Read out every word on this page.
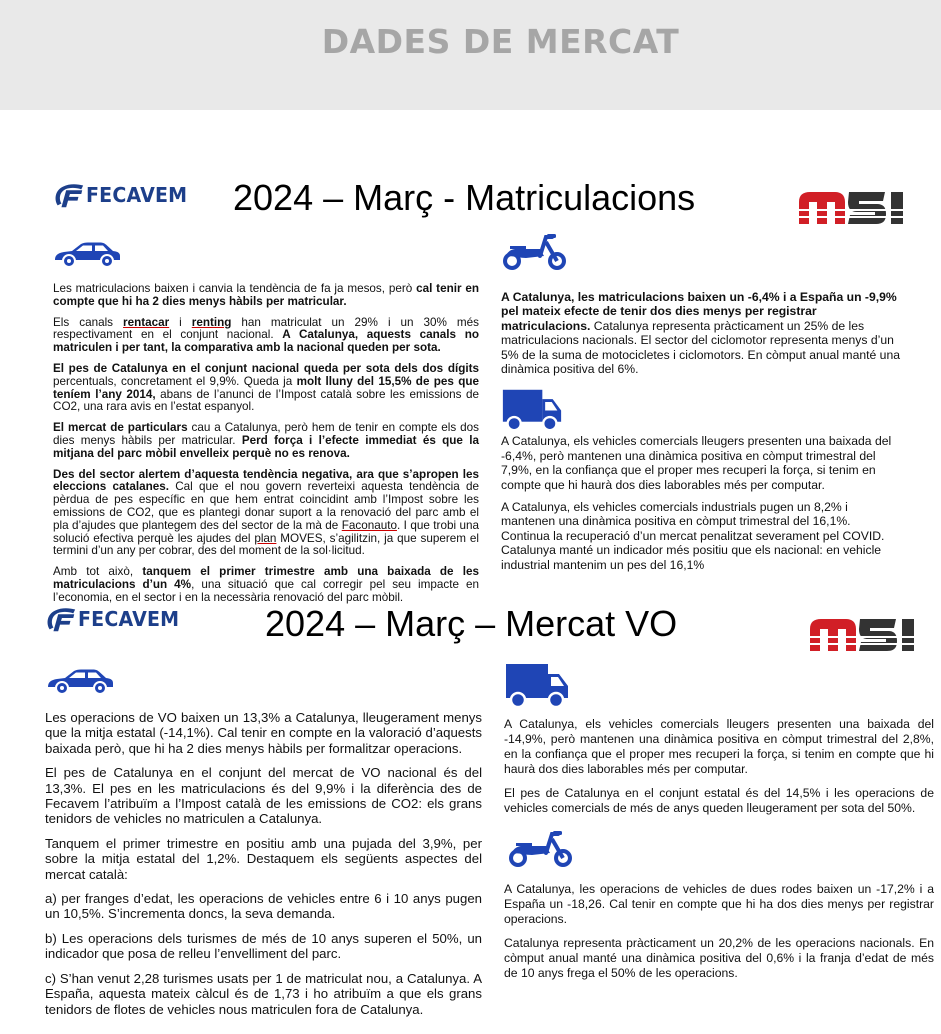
DADES DE MERCAT
FECAVEM 2024 – Març - Matriculacions

Les matriculacions baixen i canvia la tendència de fa ja mesos, però cal tenir en compte que hi ha 2 dies menys hàbils per matricular.

Els canals rentacar i renting han matriculat un 29% i un 30% més respectivament en el conjunt nacional. A Catalunya, aquests canals no matriculen i per tant, la comparativa amb la nacional queden per sota.

El pes de Catalunya en el conjunt nacional queda per sota dels dos dígits percentuals, concretament el 9,9%. Queda ja molt lluny del 15,5% de pes que teníem l’any 2014, abans de l’anunci de l’Impost català sobre les emissions de CO2, una rara avis en l’estat espanyol.

El mercat de particulars cau a Catalunya, però hem de tenir en compte els dos dies menys hàbils per matricular. Perd força i l’efecte immediat és que la mitjana del parc mòbil envelleix perquè no es renova.

Des del sector alertem d’aquesta tendència negativa, ara que s’apropen les eleccions catalanes. Cal que el nou govern reverteixi aquesta tendència de pèrdua de pes específic en que hem entrat coincidint amb l’Impost sobre les emissions de CO2, que es plantegi donar suport a la renovació del parc amb el pla d’ajudes que plantegem des del sector de la mà de Faconauto. I que trobi una solució efectiva perquè les ajudes del plan MOVES, s’agilitzin, ja que superem el termini d’un any per cobrar, des del moment de la sol·licitud.

Amb tot això, tanquem el primer trimestre amb una baixada de les matriculacions d’un 4%, una situació que cal corregir pel seu impacte en l’economia, en el sector i en la necessària renovació del parc mòbil.

A Catalunya, les matriculacions baixen un -6,4% i a España un -9,9% pel mateix efecte de tenir dos dies menys per registrar matriculacions. Catalunya representa pràcticament un 25% de les matriculacions nacionals. El sector del ciclomotor representa menys d’un 5% de la suma de motocicletes i ciclomotors. En còmput anual manté una dinàmica positiva del 6%.

A Catalunya, els vehicles comercials lleugers presenten una baixada del -6,4%, però mantenen una dinàmica positiva en còmput trimestral del 7,9%, en la confiança que el proper mes recuperi la força, si tenim en compte que hi haurà dos dies laborables més per computar.

A Catalunya, els vehicles comercials industrials pugen un 8,2% i mantenen una dinàmica positiva en còmput trimestral del 16,1%. Continua la recuperació d’un mercat penalitzat severament pel COVID. Catalunya manté un indicador més positiu que els nacional: en vehicle industrial mantenim un pes del 16,1%

FECAVEM 2024 – Març – Mercat VO

Les operacions de VO baixen un 13,3% a Catalunya, lleugerament menys que la mitja estatal (-14,1%). Cal tenir en compte en la valoració d’aquests baixada però, que hi ha 2 dies menys hàbils per formalitzar operacions.

El pes de Catalunya en el conjunt del mercat de VO nacional és del 13,3%. El pes en les matriculacions és del 9,9% i la diferència des de Fecavem l’atribuïm a l’Impost català de les emissions de CO2: els grans tenidors de vehicles no matriculen a Catalunya.

Tanquem el primer trimestre en positiu amb una pujada del 3,9%, per sobre la mitja estatal del 1,2%. Destaquem els següents aspectes del mercat català:

a) per franges d’edat, les operacions de vehicles entre 6 i 10 anys pugen un 10,5%. S’incrementa doncs, la seva demanda.

b) Les operacions dels turismes de més de 10 anys superen el 50%, un indicador que posa de relleu l’envelliment del parc.

c) S’han venut 2,28 turismes usats per 1 de matriculat nou, a Catalunya. A España, aquesta mateix càlcul és de 1,73 i ho atribuïm a que els grans tenidors de flotes de vehicles nous matriculen fora de Catalunya.

A Catalunya, els vehicles comercials lleugers presenten una baixada del -14,9%, però mantenen una dinàmica positiva en còmput trimestral del 2,8%, en la confiança que el proper mes recuperi la força, si tenim en compte que hi haurà dos dies laborables més per computar.

El pes de Catalunya en el conjunt estatal és del 14,5% i les operacions de vehicles comercials de més de anys queden lleugerament per sota del 50%.

A Catalunya, les operacions de vehicles de dues rodes baixen un -17,2% i a España un -18,26. Cal tenir en compte que hi ha dos dies menys per registrar operacions.

Catalunya representa pràcticament un 20,2% de les operacions nacionals. En còmput anual manté una dinàmica positiva del 0,6% i la franja d’edat de més de 10 anys frega el 50% de les operacions.
